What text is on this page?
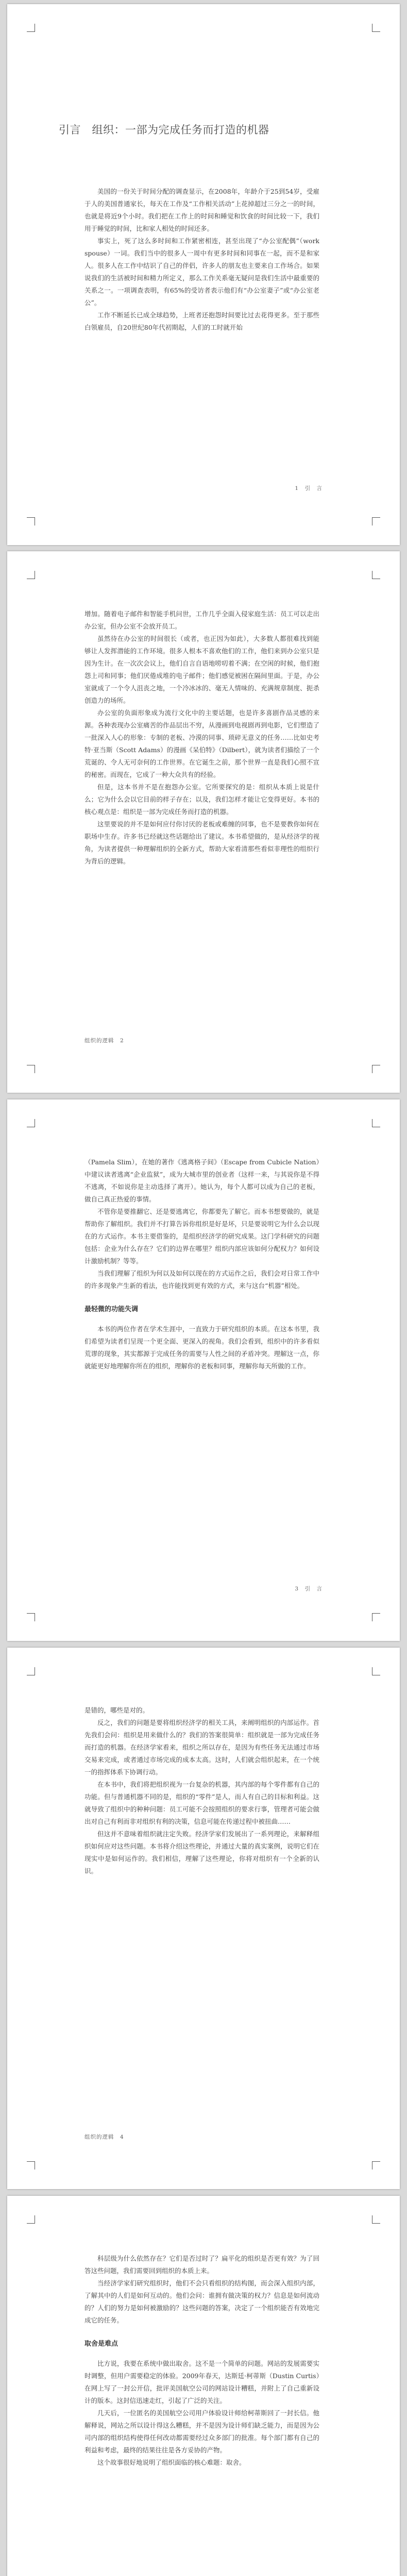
引言　组织：一部为完成任务而打造的机器

美国的一份关于时间分配的调查显示，在2008年，年龄介于25到54岁，受雇于人的美国普通家长，每天在工作及“工作相关活动”上花掉超过三分之一的时间，也就是将近9个小时。我们把在工作上的时间和睡觉和饮食的时间比较一下，我们用于睡觉的时间，比和家人相处的时间还多。

事实上，死了这么多时间和工作紧密相连，甚至出现了“办公室配偶”（work spouse）一词。我们当中的很多人一周中有更多时间和同事在一起，而不是和家人。很多人在工作中结识了自己的伴侣，许多人的朋友也主要来自工作场合。如果说我们的生活被时间和精力所定义，那么工作关系毫无疑问是我们生活中最重要的关系之一。一项调查表明，有65%的受访者表示他们有“办公室妻子”或“办公室老公”。

工作不断延长已成全球趋势，上班者还抱怨时间要比过去花得更多。至于那些白领雇员，自20世纪80年代初期起，人们的工时就开始

1　引　言

增加。随着电子邮件和智能手机问世，工作几乎全面入侵家庭生活：员工可以走出办公室，但办公室不会放开员工。

虽然待在办公室的时间很长（或者，也正因为如此），大多数人都很难找到能够让人发挥潜能的工作环境。很多人根本不喜欢他们的工作，他们来到办公室只是因为生计。在一次次会议上，他们自言自语地唠叨着不满；在空闲的时候，他们抱怨上司和同事；他们厌倦成堆的电子邮件；他们感觉被困在隔间里面。于是，办公室就成了一个令人沮丧之地，一个冷冰冰的、毫无人情味的、充满规章制度、扼杀创造力的场所。

办公室的负面形象成为流行文化中的主要话题，也是许多喜剧作品灵感的来源。各种表现办公室痛苦的作品层出不穷，从漫画到电视剧再到电影，它们塑造了一批深入人心的形象：专制的老板、冷漠的同事、琐碎无意义的任务……比如史考特·亚当斯（Scott Adams）的漫画《呆伯特》（Dilbert），就为读者们描绘了一个荒诞的、令人无可奈何的工作世界。在它诞生之前，那个世界一直是我们心照不宣的秘密。而现在，它成了一种大众共有的经验。

但是，这本书并不是在抱怨办公室。它所要探究的是：组织从本质上说是什么；它为什么会以它目前的样子存在；以及，我们怎样才能让它变得更好。本书的核心观点是：组织是一部为完成任务而打造的机器。

这里要说的并不是如何应付你讨厌的老板或难缠的同事，也不是要教你如何在职场中生存。许多书已经就这些话题给出了建议。本书希望做的，是从经济学的视角，为读者提供一种理解组织的全新方式，帮助大家看清那些看似非理性的组织行为背后的逻辑。

组织的逻辑　2

（Pamela Slim），在她的著作《逃离格子间》（Escape from Cubicle Nation）中建议读者逃离“企业监狱”，成为大城市里的创业者（这样一来，与其说你是不得不逃离，不如说你是主动选择了离开）。她认为，每个人都可以成为自己的老板，做自己真正热爱的事情。

不管你是要推翻它、还是要逃离它，你都要先了解它。而本书想要做的，就是帮助你了解组织。我们并不打算告诉你组织是好是坏，只是要说明它为什么会以现在的方式运作。本书主要借鉴的，是组织经济学的研究成果。这门学科研究的问题包括：企业为什么存在？它们的边界在哪里？组织内部应该如何分配权力？如何设计激励机制？等等。

当我们理解了组织为何以及如何以现在的方式运作之后，我们会对日常工作中的许多现象产生新的看法，也许能找到更有效的方式，来与这台“机器”相处。

最轻微的功能失调

本书的两位作者在学术生涯中，一直致力于研究组织的本质。在这本书里，我们希望为读者们呈现一个更全面、更深入的视角。我们会看到，组织中的许多看似荒谬的现象，其实都源于完成任务的需要与人性之间的矛盾冲突。理解这一点，你就能更好地理解你所在的组织，理解你的老板和同事，理解你每天所做的工作。

3　引　言

是错的，哪些是对的。

反之，我们的问题是要将组织经济学的相关工具，来阐明组织的内部运作。首先我们会问：组织是用来做什么的？我们的答案很简单：组织就是一部为完成任务而打造的机器。在经济学家看来，组织之所以存在，是因为有些任务无法通过市场交易来完成，或者通过市场完成的成本太高。这时，人们就会组织起来，在一个统一的指挥体系下协调行动。

在本书中，我们将把组织视为一台复杂的机器，其内部的每个零件都有自己的功能。但与普通机器不同的是，组织的“零件”是人，而人有自己的目标和利益。这就导致了组织中的种种问题：员工可能不会按照组织的要求行事，管理者可能会做出对自己有利而非对组织有利的决策，信息可能在传递过程中被扭曲……

但这并不意味着组织就注定失败。经济学家们发展出了一系列理论，来解释组织如何应对这些问题。本书将介绍这些理论，并通过大量的真实案例，说明它们在现实中是如何运作的。我们相信，理解了这些理论，你将对组织有一个全新的认识。

组织的逻辑　4

科层级为什么依然存在？它们是否过时了？扁平化的组织是否更有效？为了回答这些问题，我们需要回到组织的本质上来。

当经济学家们研究组织时，他们不会只看组织的结构图，而会深入组织内部，了解其中的人们是如何互动的。他们会问：谁拥有做决策的权力？信息是如何流动的？人们的努力是如何被激励的？这些问题的答案，决定了一个组织能否有效地完成它的任务。

取舍是难点

比方说，我要在系统中做出取舍。这不是一个简单的问题。网站的发展需要实时调整，但用户需要稳定的体验。2009年春天，达斯廷·柯蒂斯（Dustin Curtis）在网上写了一封公开信，批评美国航空公司的网站设计糟糕，并附上了自己重新设计的版本。这封信迅速走红，引起了广泛的关注。

几天后，一位匿名的美国航空公司用户体验设计师给柯蒂斯回了一封长信。他解释说，网站之所以设计得这么糟糕，并不是因为设计师们缺乏能力，而是因为公司内部的组织结构使得任何改动都需要经过众多部门的批准。每个部门都有自己的利益和考虑，最终的结果往往是各方妥协的产物。

这个故事很好地说明了组织面临的核心难题：取舍。
